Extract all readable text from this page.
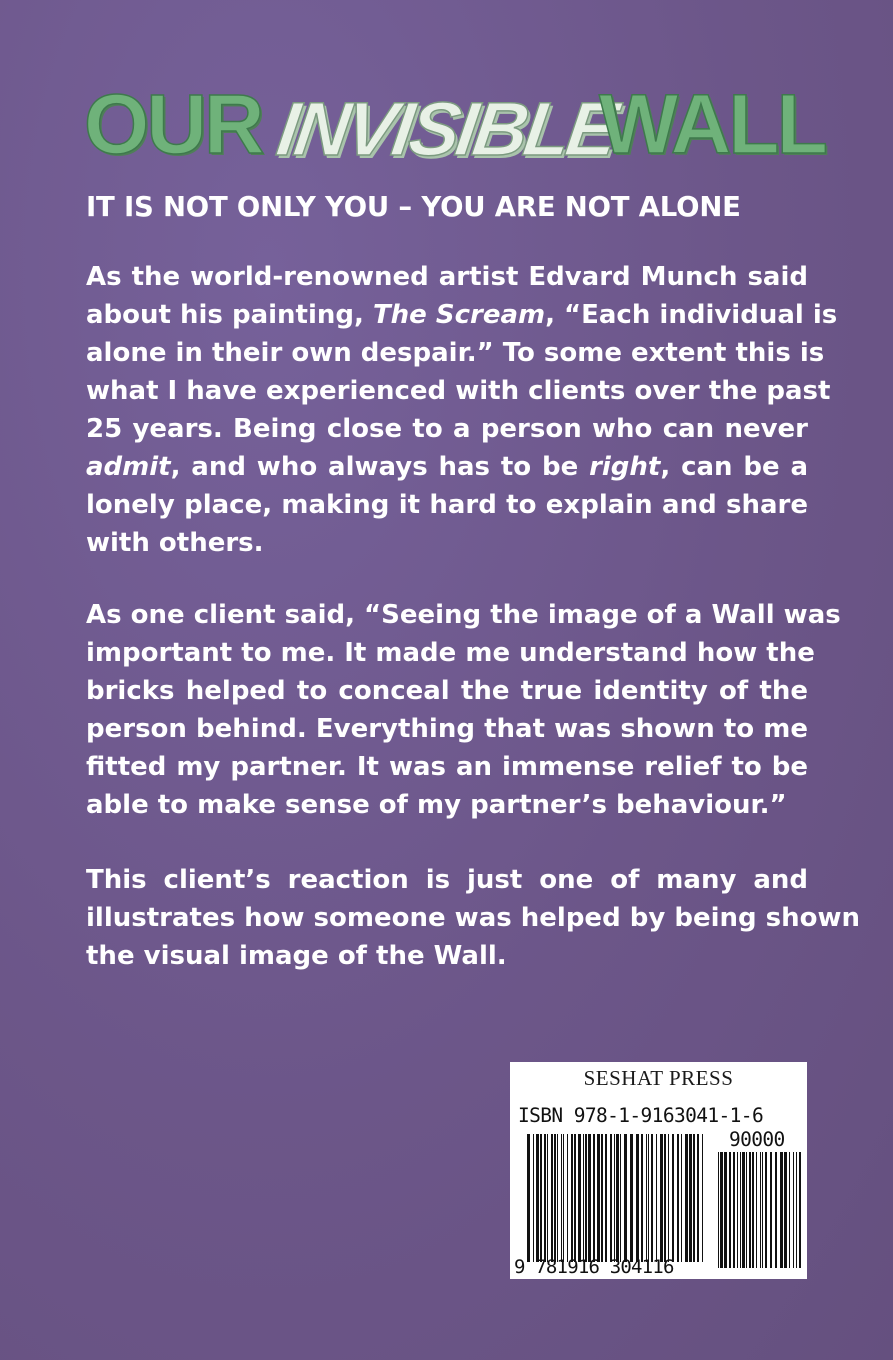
OUR INVISIBLE
WALL
IT IS NOT ONLY YOU – YOU ARE NOT ALONE
As the world-renowned artist Edvard Munch said
about his painting, The Scream, “Each individual is
alone in their own despair.” To some extent this is
what I have experienced with clients over the past
25 years. Being close to a person who can never
admit, and who always has to be right, can be a
lonely place, making it hard to explain and share
with others.
As one client said, “Seeing the image of a Wall was
important to me. It made me understand how the
bricks helped to conceal the true identity of the
person behind. Everything that was shown to me
fitted my partner. It was an immense relief to be
able to make sense of my partner’s behaviour.”
This client’s reaction is just one of many and
illustrates how someone was helped by being shown
the visual image of the Wall.
SESHAT PRESS
ISBN 978-1-9163041-1-6
90000
9 781916 304116
